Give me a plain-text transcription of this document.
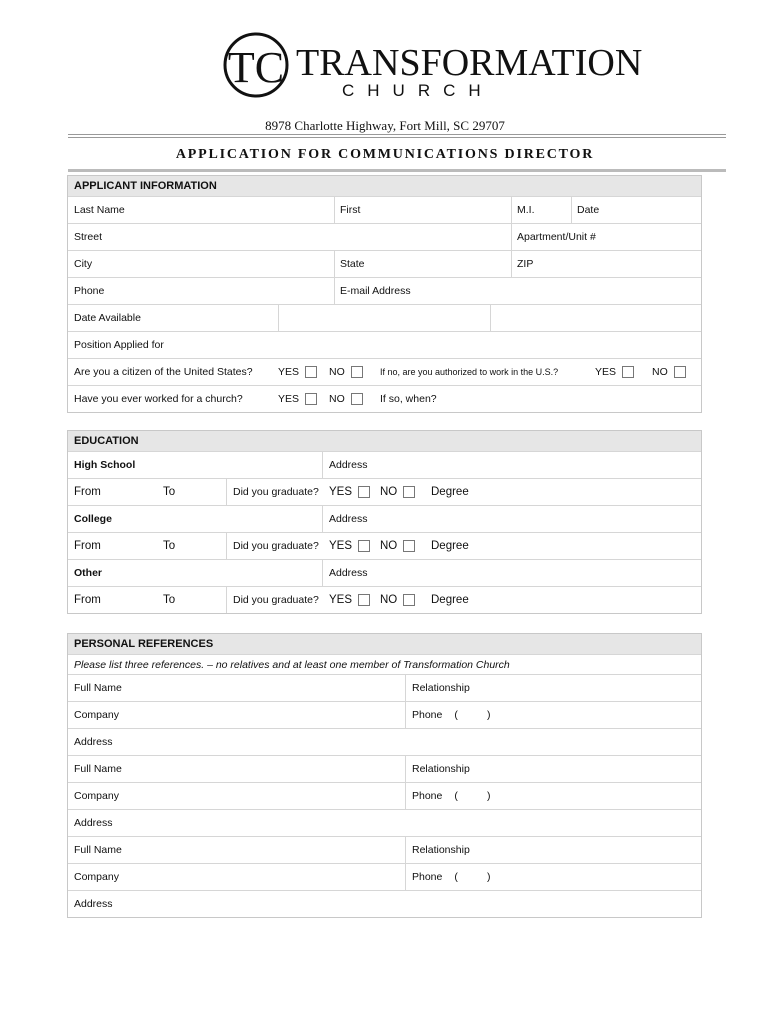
TC TRANSFORMATION
CHURCH
8978 Charlotte Highway, Fort Mill, SC 29707
APPLICATION FOR COMMUNICATIONS DIRECTOR
APPLICANT INFORMATION
Last Name	First	M.I.	Date
Street	Apartment/Unit #
City	State	ZIP
Phone	E-mail Address
Date Available
Position Applied for
Are you a citizen of the United States? YES	NO	If no, are you authorized to work in the U.S.?	YES	NO
Have you ever worked for a church?	YES	NO	If so, when?
EDUCATION
High School	Address
From	To	Did you graduate? YES NO	Degree
College	Address
From	To	Did you graduate? YES NO	Degree
Other	Address
From	To	Did you graduate? YES NO	Degree
PERSONAL REFERENCES
Please list three references. – no relatives and at least one member of Transformation Church
Full Name	Relationship
Company	Phone (          )
Address
Full Name	Relationship
Company	Phone (          )
Address
Full Name	Relationship
Company	Phone (          )
Address
